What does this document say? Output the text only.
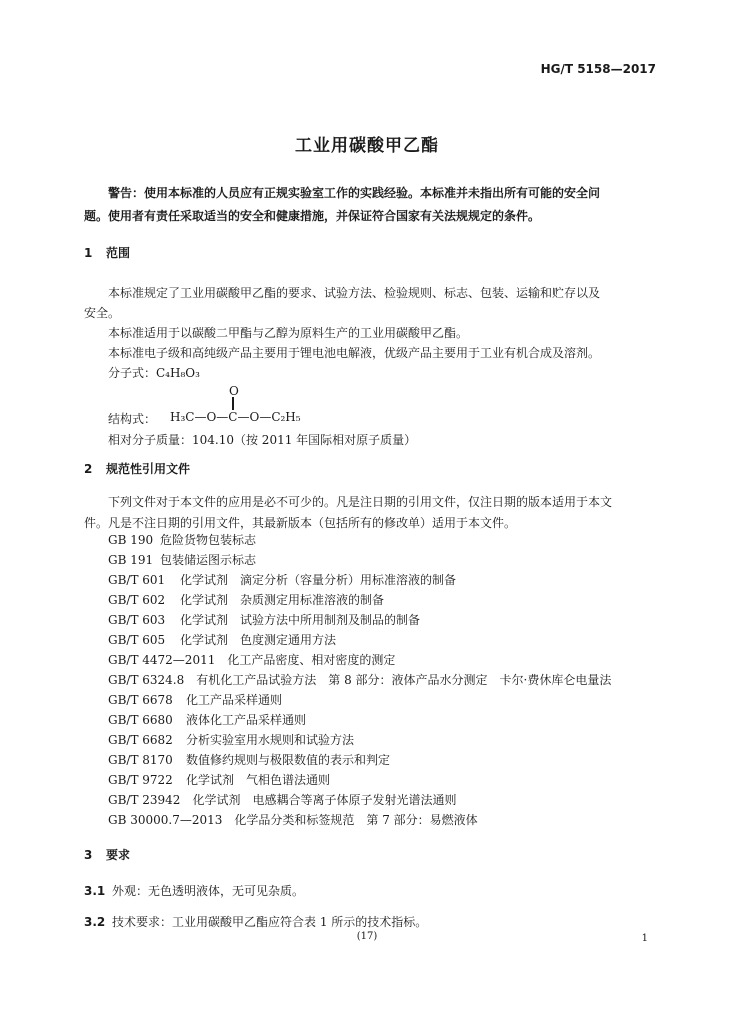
HG/T 5158—2017
工业用碳酸甲乙酯
警告：使用本标准的人员应有正规实验室工作的实践经验。本标准并未指出所有可能的安全问
题。使用者有责任采取适当的安全和健康措施，并保证符合国家有关法规规定的条件。
1 范围
本标准规定了工业用碳酸甲乙酯的要求、试验方法、检验规则、标志、包装、运输和贮存以及
安全。
本标准适用于以碳酸二甲酯与乙醇为原料生产的工业用碳酸甲乙酯。
本标准电子级和高纯级产品主要用于锂电池电解液，优级产品主要用于工业有机合成及溶剂。
分子式：C₄H₈O₃
O
结构式： H₃C—O—C—O—C₂H₅
相对分子质量：104.10（按 2011 年国际相对原子质量）
2 规范性引用文件
下列文件对于本文件的应用是必不可少的。凡是注日期的引用文件，仅注日期的版本适用于本文
件。凡是不注日期的引用文件，其最新版本（包括所有的修改单）适用于本文件。
GB 190　 危险货物包装标志
GB 191　 包装储运图示标志
GB/T 601　 化学试剂　滴定分析（容量分析）用标准溶液的制备
GB/T 602　 化学试剂　杂质测定用标准溶液的制备
GB/T 603　 化学试剂　试验方法中所用制剂及制品的制备
GB/T 605　 化学试剂　色度测定通用方法
GB/T 4472—2011　 化工产品密度、相对密度的测定
GB/T 6324.8　 有机化工产品试验方法　第 8 部分：液体产品水分测定　卡尔·费休库仑电量法
GB/T 6678　 化工产品采样通则
GB/T 6680　 液体化工产品采样通则
GB/T 6682　 分析实验室用水规则和试验方法
GB/T 8170　 数值修约规则与极限数值的表示和判定
GB/T 9722　 化学试剂　气相色谱法通则
GB/T 23942　 化学试剂　电感耦合等离子体原子发射光谱法通则
GB 30000.7—2013　 化学品分类和标签规范　第 7 部分：易燃液体
3 要求
3.1 外观：无色透明液体，无可见杂质。
3.2 技术要求：工业用碳酸甲乙酯应符合表 1 所示的技术指标。
(17)	1
